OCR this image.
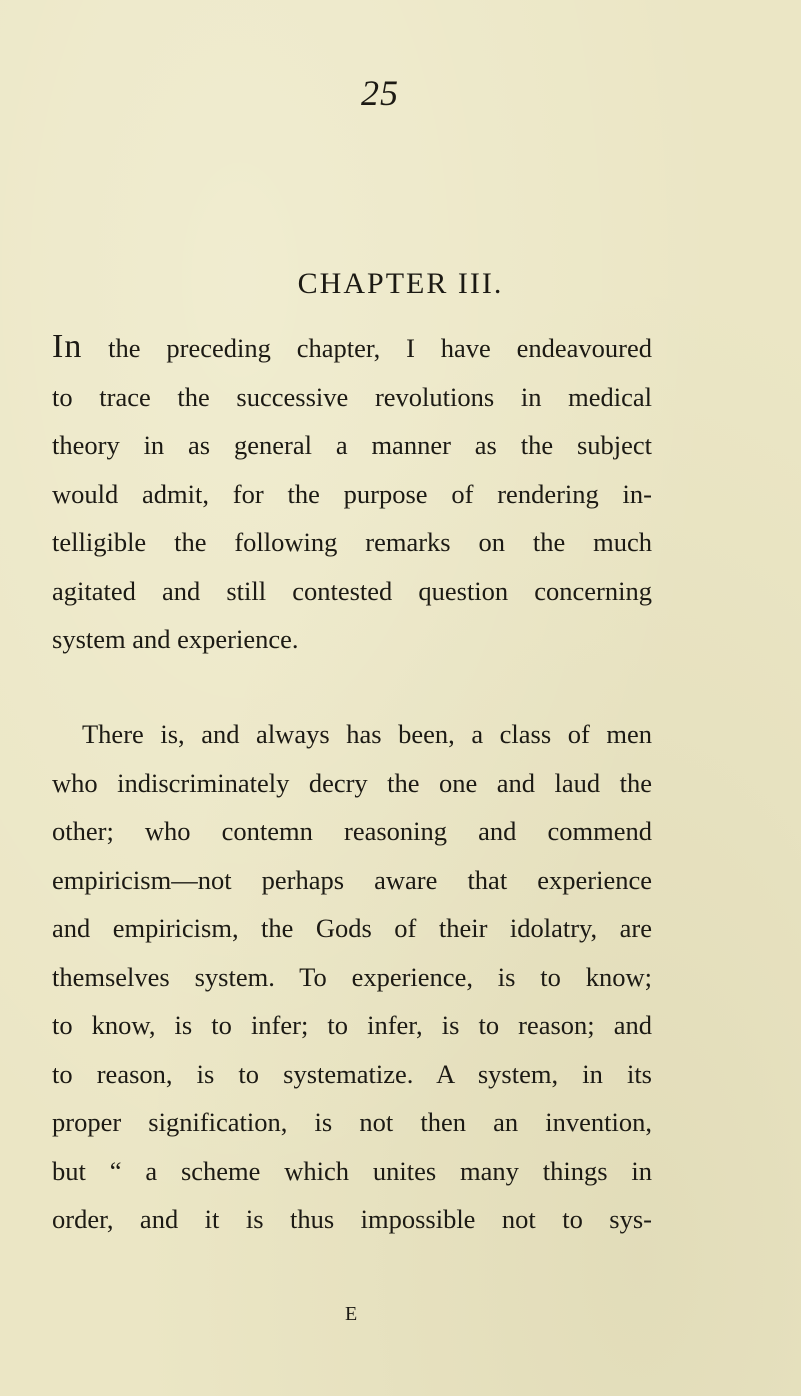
25
CHAPTER III.
In the preceding chapter, I have endeavoured
to trace the successive revolutions in medical
theory in as general a manner as the subject
would admit, for the purpose of rendering in-
telligible the following remarks on the much
agitated and still contested question concerning
system and experience.
There is, and always has been, a class of men
who indiscriminately decry the one and laud the
other; who contemn reasoning and commend
empiricism—not perhaps aware that experience
and empiricism, the Gods of their idolatry, are
themselves system. To experience, is to know;
to know, is to infer; to infer, is to reason; and
to reason, is to systematize. A system, in its
proper signification, is not then an invention,
but “ a scheme which unites many things in
order, and it is thus impossible not to sys-
E
